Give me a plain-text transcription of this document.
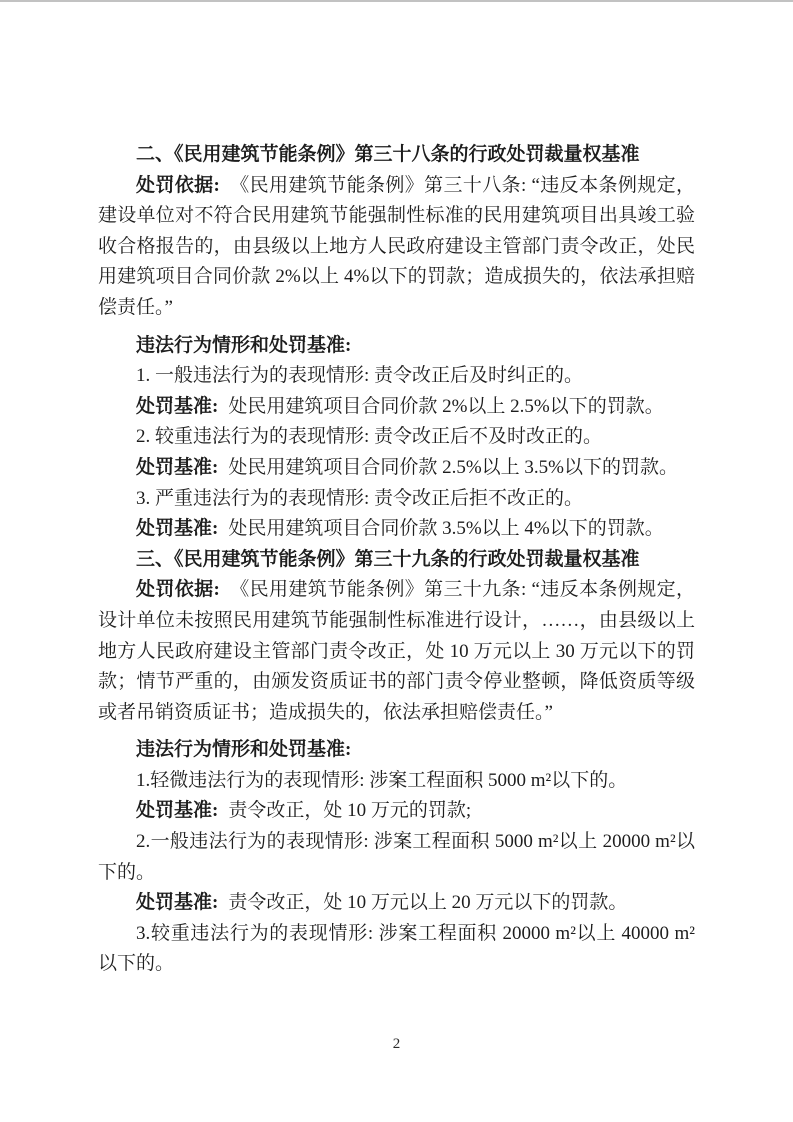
二、《民用建筑节能条例》第三十八条的行政处罚裁量权基准

处罚依据: 《民用建筑节能条例》第三十八条: “违反本条例规定，建设单位对不符合民用建筑节能强制性标准的民用建筑项目出具竣工验收合格报告的，由县级以上地方人民政府建设主管部门责令改正，处民用建筑项目合同价款 2%以上 4%以下的罚款；造成损失的，依法承担赔偿责任。”

违法行为情形和处罚基准:

1. 一般违法行为的表现情形: 责令改正后及时纠正的。

处罚基准: 处民用建筑项目合同价款 2%以上 2.5%以下的罚款。

2. 较重违法行为的表现情形: 责令改正后不及时改正的。

处罚基准: 处民用建筑项目合同价款 2.5%以上 3.5%以下的罚款。

3. 严重违法行为的表现情形: 责令改正后拒不改正的。

处罚基准: 处民用建筑项目合同价款 3.5%以上 4%以下的罚款。

三、《民用建筑节能条例》第三十九条的行政处罚裁量权基准

处罚依据: 《民用建筑节能条例》第三十九条: “违反本条例规定，设计单位未按照民用建筑节能强制性标准进行设计，……，由县级以上地方人民政府建设主管部门责令改正，处 10 万元以上 30 万元以下的罚款；情节严重的，由颁发资质证书的部门责令停业整顿，降低资质等级或者吊销资质证书；造成损失的，依法承担赔偿责任。”

违法行为情形和处罚基准:

1.轻微违法行为的表现情形: 涉案工程面积 5000 m²以下的。

处罚基准: 责令改正，处 10 万元的罚款;

2.一般违法行为的表现情形: 涉案工程面积 5000 m²以上 20000 m²以下的。

处罚基准: 责令改正，处 10 万元以上 20 万元以下的罚款。

3.较重违法行为的表现情形: 涉案工程面积 20000 m²以上 40000 m²以下的。

2
